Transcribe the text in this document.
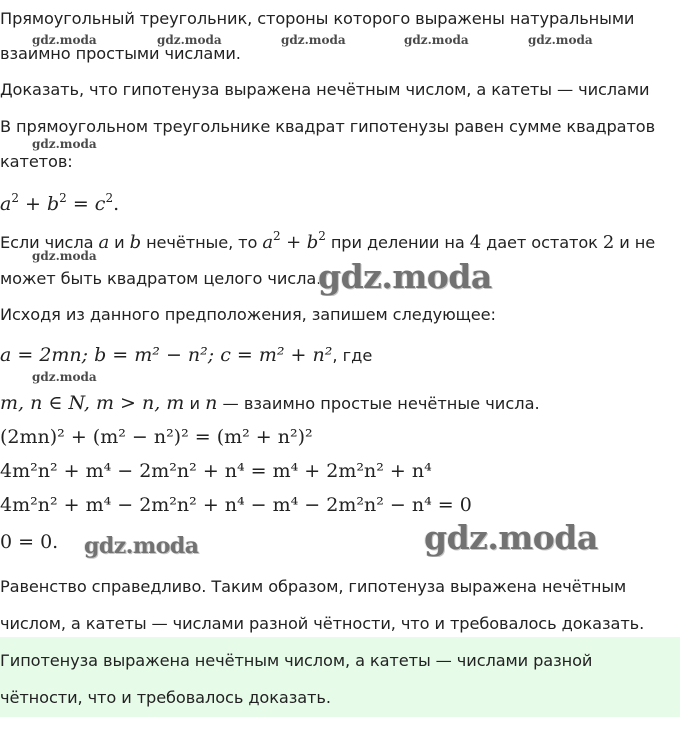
Прямоугольный треугольник, стороны которого выражены натуральными
взаимно простыми числами.
Доказать, что гипотенуза выражена нечётным числом, а катеты — числами
В прямоугольном треугольнике квадрат гипотенузы равен сумме квадратов
катетов:
$a^2 + b^2 = c^2$.
Если числа a и b нечётные, то $a^2 + b^2$ при делении на 4 дает остаток 2 и не
может быть квадратом целого числа.
Исходя из данного предположения, запишем следующее:
a = 2mn; b = m² − n²; c = m² + n², где
m, n ∈ N, m > n, m и n — взаимно простые нечётные числа.
(2mn)² + (m² − n²)² = (m² + n²)²
4m²n² + m⁴ − 2m²n² + n⁴ = m⁴ + 2m²n² + n⁴
4m²n² + m⁴ − 2m²n² + n⁴ − m⁴ − 2m²n² − n⁴ = 0
0 = 0.
Равенство справедливо. Таким образом, гипотенуза выражена нечётным
числом, а катеты — числами разной чётности, что и требовалось доказать.
Гипотенуза выражена нечётным числом, а катеты — числами разной
чётности, что и требовалось доказать.
gdz.moda	gdz.moda	gdz.moda	gdz.moda	gdz.moda
gdz.moda
gdz.moda
gdz.moda
gdz.moda
gdz.moda	gdz.moda
